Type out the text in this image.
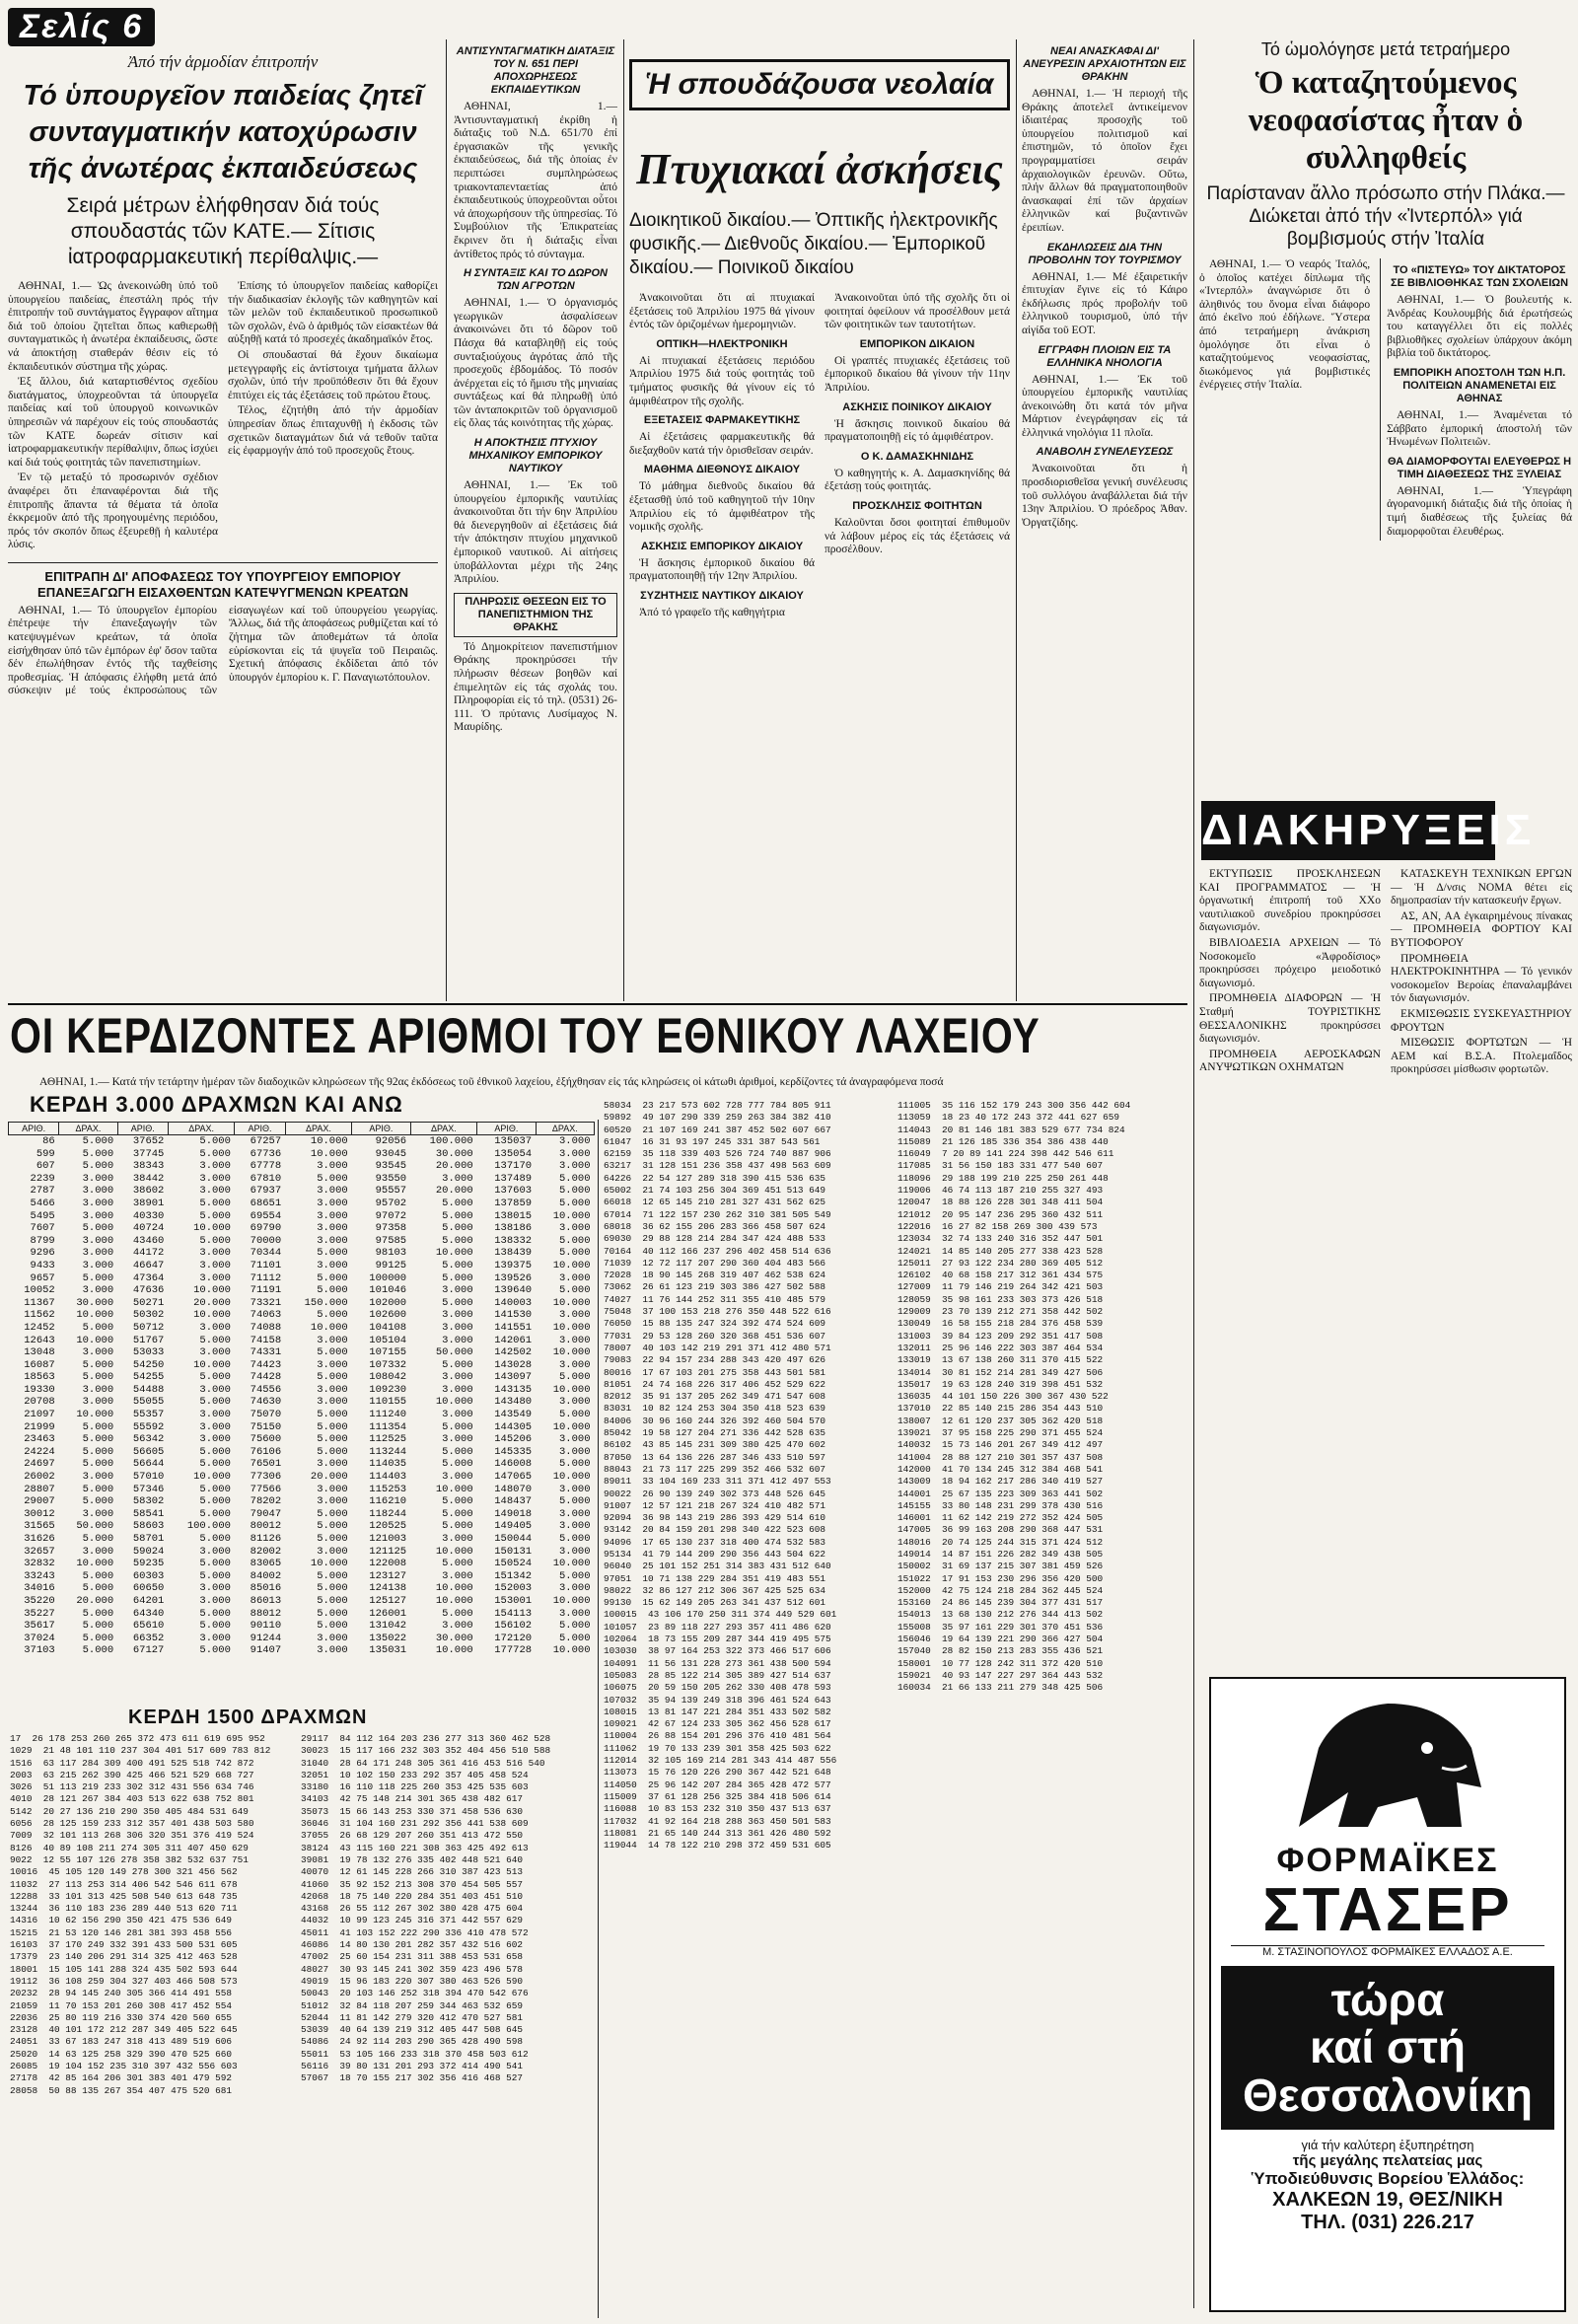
Σελίς 6
Ἀπό τήν ἁρμοδίαν ἐπιτροπήν
Τό ὑπουργεῖον παιδείας ζητεῖ συνταγματικήν κατοχύρωσιν τῆς ἀνωτέρας ἐκπαιδεύσεως
Σειρά μέτρων ἐλήφθησαν διά τούς σπουδαστάς τῶν ΚΑΤΕ.— Σίτισις ἰατροφαρμακευτική περίθαλψις.—

ΑΘΗΝΑΙ, 1.— Ὡς ἀνεκοινώθη ὑπό τοῦ ὑπουργείου παιδείας, ἐπεστάλη πρός τήν ἐπιτροπήν τοῦ συντάγματος ἔγγραφον αἴτημα διά τοῦ ὁποίου ζητεῖται ὅπως καθιερωθῇ συνταγματικῶς ἡ ἀνωτέρα ἐκπαίδευσις, ὥστε νά ἀποκτήσῃ σταθεράν θέσιν εἰς τό ἐκπαιδευτικόν σύστημα τῆς χώρας.

Ἐξ ἄλλου, διά καταρτισθέντος σχεδίου διατάγματος, ὑποχρεοῦνται τά ὑπουργεῖα παιδείας καί τοῦ ὑπουργοῦ κοινωνικῶν ὑπηρεσιῶν νά παρέχουν εἰς τούς σπουδαστάς τῶν ΚΑΤΕ δωρεάν σίτισιν καί ἰατροφαρμακευτικήν περίθαλψιν, ὅπως ἰσχύει καί διά τούς φοιτητάς τῶν πανεπιστημίων.

Ἐν τῷ μεταξύ τό προσωρινόν σχέδιον ἀναφέρει ὅτι ἐπαναφέρονται διά τῆς ἐπιτροπῆς ἄπαντα τά θέματα τά ὁποῖα ἐκκρεμοῦν ἀπό τῆς προηγουμένης περιόδου, πρός τόν σκοπόν ὅπως ἐξευρεθῇ ἡ καλυτέρα λύσις.

Ἐπίσης τό ὑπουργεῖον παιδείας καθορίζει τήν διαδικασίαν ἐκλογῆς τῶν καθηγητῶν καί τῶν μελῶν τοῦ ἐκπαιδευτικοῦ προσωπικοῦ τῶν σχολῶν, ἐνῶ ὁ ἀριθμός τῶν εἰσακτέων θά αὐξηθῇ κατά τό προσεχές ἀκαδημαϊκόν ἔτος.

Οἱ σπουδασταί θά ἔχουν δικαίωμα μετεγγραφῆς εἰς ἀντίστοιχα τμήματα ἄλλων σχολῶν, ὑπό τήν προϋπόθεσιν ὅτι θά ἔχουν ἐπιτύχει εἰς τάς ἐξετάσεις τοῦ πρώτου ἔτους.

Τέλος, ἐζητήθη ἀπό τήν ἁρμοδίαν ὑπηρεσίαν ὅπως ἐπιταχυνθῇ ἡ ἐκδοσις τῶν σχετικῶν διαταγμάτων διά νά τεθοῦν ταῦτα εἰς ἐφαρμογήν ἀπό τοῦ προσεχοῦς ἔτους.

ΕΠΙΤΡΑΠΗ ΔΙ' ΑΠΟΦΑΣΕΩΣ ΤΟΥ ΥΠΟΥΡΓΕΙΟΥ ΕΜΠΟΡΙΟΥ ΕΠΑΝΕΞΑΓΩΓΗ ΕΙΣΑΧΘΕΝΤΩΝ ΚΑΤΕΨΥΓΜΕΝΩΝ ΚΡΕΑΤΩΝ

ΑΘΗΝΑΙ, 1.— Τό ὑπουργεῖον ἐμπορίου ἐπέτρεψε τήν ἐπανεξαγωγήν τῶν κατεψυγμένων κρεάτων, τά ὁποῖα εἰσήχθησαν ὑπό τῶν ἐμπόρων ἐφ' ὅσον ταῦτα δέν ἐπωλήθησαν ἐντός τῆς ταχθείσης προθεσμίας. Ἡ ἀπόφασις ἐλήφθη μετά ἀπό σύσκεψιν μέ τούς ἐκπροσώπους τῶν εἰσαγωγέων καί τοῦ ὑπουργείου γεωργίας. Ἄλλως, διά τῆς ἀποφάσεως ρυθμίζεται καί τό ζήτημα τῶν ἀποθεμάτων τά ὁποῖα εὑρίσκονται εἰς τά ψυγεῖα τοῦ Πειραιῶς. Σχετική ἀπόφασις ἐκδίδεται ἀπό τόν ὑπουργόν ἐμπορίου κ. Γ. Παναγιωτόπουλον.

ΑΝΤΙΣΥΝΤΑΓΜΑΤΙΚΗ ΔΙΑΤΑΞΙΣ ΤΟΥ Ν. 651 ΠΕΡΙ ΑΠΟΧΩΡΗΣΕΩΣ ΕΚΠΑΙΔΕΥΤΙΚΩΝ

ΑΘΗΝΑΙ, 1.— Ἀντισυνταγματική ἐκρίθη ἡ διάταξις τοῦ Ν.Δ. 651/70 ἐπί ἐργασιακῶν τῆς γενικῆς ἐκπαιδεύσεως, διά τῆς ὁποίας ἐν περιπτώσει συμπληρώσεως τριακονταπενταετίας ἀπό ἐκπαιδευτικούς ὑποχρεοῦνται οὗτοι νά ἀποχωρήσουν τῆς ὑπηρεσίας. Τό Συμβούλιον τῆς Ἐπικρατείας ἔκρινεν ὅτι ἡ διάταξις εἶναι ἀντίθετος πρός τό σύνταγμα.

Η ΣΥΝΤΑΞΙΣ ΚΑΙ ΤΟ ΔΩΡΟΝ ΤΩΝ ΑΓΡΟΤΩΝ

ΑΘΗΝΑΙ, 1.— Ὁ ὀργανισμός γεωργικῶν ἀσφαλίσεων ἀνακοινώνει ὅτι τό δῶρον τοῦ Πάσχα θά καταβληθῇ εἰς τούς συνταξιούχους ἀγρότας ἀπό τῆς προσεχοῦς ἑβδομάδος. Τό ποσόν ἀνέρχεται εἰς τό ἥμισυ τῆς μηνιαίας συντάξεως καί θά πληρωθῇ ὑπό τῶν ἀνταποκριτῶν τοῦ ὀργανισμοῦ εἰς ὅλας τάς κοινότητας τῆς χώρας.

Η ΑΠΟΚΤΗΣΙΣ ΠΤΥΧΙΟΥ ΜΗΧΑΝΙΚΟΥ ΕΜΠΟΡΙΚΟΥ ΝΑΥΤΙΚΟΥ

ΑΘΗΝΑΙ, 1.— Ἐκ τοῦ ὑπουργείου ἐμπορικῆς ναυτιλίας ἀνακοινοῦται ὅτι τήν 6ην Ἀπριλίου θά διενεργηθοῦν αἱ ἐξετάσεις διά τήν ἀπόκτησιν πτυχίου μηχανικοῦ ἐμπορικοῦ ναυτικοῦ. Αἱ αἰτήσεις ὑποβάλλονται μέχρι τῆς 24ης Ἀπριλίου.

ΠΛΗΡΩΣΙΣ ΘΕΣΕΩΝ ΕΙΣ ΤΟ ΠΑΝΕΠΙΣΤΗΜΙΟΝ ΤΗΣ ΘΡΑΚΗΣ

Τό Δημοκρίτειον πανεπιστήμιον Θράκης προκηρύσσει τήν πλήρωσιν θέσεων βοηθῶν καί ἐπιμελητῶν εἰς τάς σχολάς του. Πληροφορίαι εἰς τό τηλ. (0531) 26-111. Ὁ πρύτανις Λυσίμαχος Ν. Μαυρίδης.

Ἡ σπουδάζουσα νεολαία
Πτυχιακαί ἀσκήσεις
Διοικητικοῦ δικαίου.— Ὀπτικῆς ἠλεκτρονικῆς φυσικῆς.— Διεθνοῦς δικαίου.— Ἐμπορικοῦ δικαίου.— Ποινικοῦ δικαίου

Ἀνακοινοῦται ὅτι αἱ πτυχιακαί ἐξετάσεις τοῦ Ἀπριλίου 1975 θά γίνουν ἐντός τῶν ὁριζομένων ἡμερομηνιῶν.

ΟΠΤΙΚΗ—ΗΛΕΚΤΡΟΝΙΚΗ

Αἱ πτυχιακαί ἐξετάσεις περιόδου Ἀπριλίου 1975 διά τούς φοιτητάς τοῦ τμήματος φυσικῆς θά γίνουν εἰς τό ἀμφιθέατρον τῆς σχολῆς.

ΕΞΕΤΑΣΕΙΣ ΦΑΡΜΑΚΕΥΤΙΚΗΣ

Αἱ ἐξετάσεις φαρμακευτικῆς θά διεξαχθοῦν κατά τήν ὁρισθεῖσαν σειράν.

ΜΑΘΗΜΑ ΔΙΕΘΝΟΥΣ ΔΙΚΑΙΟΥ

Τό μάθημα διεθνοῦς δικαίου θά ἐξετασθῇ ὑπό τοῦ καθηγητοῦ τήν 10ην Ἀπριλίου εἰς τό ἀμφιθέατρον τῆς νομικῆς σχολῆς.

ΑΣΚΗΣΙΣ ΕΜΠΟΡΙΚΟΥ ΔΙΚΑΙΟΥ

Ἡ ἄσκησις ἐμπορικοῦ δικαίου θά πραγματοποιηθῇ τήν 12ην Ἀπριλίου.

ΣΥΖΗΤΗΣΙΣ ΝΑΥΤΙΚΟΥ ΔΙΚΑΙΟΥ

Ἀπό τό γραφεῖο τῆς καθηγήτρια

Ἀνακοινοῦται ὑπό τῆς σχολῆς ὅτι οἱ φοιτηταί ὀφείλουν νά προσέλθουν μετά τῶν φοιτητικῶν των ταυτοτήτων.

ΕΜΠΟΡΙΚΟΝ ΔΙΚΑΙΟΝ

Οἱ γραπτές πτυχιακές ἐξετάσεις τοῦ ἐμπορικοῦ δικαίου θά γίνουν τήν 11ην Ἀπριλίου.

ΑΣΚΗΣΙΣ ΠΟΙΝΙΚΟΥ ΔΙΚΑΙΟΥ

Ἡ ἄσκησις ποινικοῦ δικαίου θά πραγματοποιηθῇ εἰς τό ἀμφιθέατρον.

Ο Κ. ΔΑΜΑΣΚΗΝΙΔΗΣ

Ὁ καθηγητής κ. Α. Δαμασκηνίδης θά ἐξετάσῃ τούς φοιτητάς.

ΠΡΟΣΚΛΗΣΙΣ ΦΟΙΤΗΤΩΝ

Καλοῦνται ὅσοι φοιτηταί ἐπιθυμοῦν νά λάβουν μέρος εἰς τάς ἐξετάσεις νά προσέλθουν.

ΝΕΑΙ ΑΝΑΣΚΑΦΑΙ ΔΙ' ΑΝΕΥΡΕΣΙΝ ΑΡΧΑΙΟΤΗΤΩΝ ΕΙΣ ΘΡΑΚΗΝ

ΑΘΗΝΑΙ, 1.— Ἡ περιοχή τῆς Θράκης ἀποτελεῖ ἀντικείμενον ἰδιαιτέρας προσοχῆς τοῦ ὑπουργείου πολιτισμοῦ καί ἐπιστημῶν, τό ὁποῖον ἔχει προγραμματίσει σειράν ἀρχαιολογικῶν ἐρευνῶν. Οὕτω, πλήν ἄλλων θά πραγματοποιηθοῦν ἀνασκαφαί ἐπί τῶν ἀρχαίων ἑλληνικῶν καί βυζαντινῶν ἐρειπίων.

ΕΚΔΗΛΩΣΕΙΣ ΔΙΑ ΤΗΝ ΠΡΟΒΟΛΗΝ ΤΟΥ ΤΟΥΡΙΣΜΟΥ

ΑΘΗΝΑΙ, 1.— Μέ ἐξαιρετικήν ἐπιτυχίαν ἔγινε εἰς τό Κάιρο ἐκδήλωσις πρός προβολήν τοῦ ἑλληνικοῦ τουρισμοῦ, ὑπό τήν αἰγίδα τοῦ ΕΟΤ.

ΕΓΓΡΑΦΗ ΠΛΟΙΩΝ ΕΙΣ ΤΑ ΕΛΛΗΝΙΚΑ ΝΗΟΛΟΓΙΑ

ΑΘΗΝΑΙ, 1.— Ἐκ τοῦ ὑπουργείου ἐμπορικῆς ναυτιλίας ἀνεκοινώθη ὅτι κατά τόν μῆνα Μάρτιον ἐνεγράφησαν εἰς τά ἑλληνικά νηολόγια 11 πλοῖα.

ΑΝΑΒΟΛΗ ΣΥΝΕΛΕΥΣΕΩΣ

Ἀνακοινοῦται ὅτι ἡ προσδιορισθεῖσα γενική συνέλευσις τοῦ συλλόγου ἀναβάλλεται διά τήν 13ην Ἀπριλίου. Ὁ πρόεδρος Ἀθαν. Ὀργατζίδης.

Τό ὡμολόγησε μετά τετραήμερο
Ὁ καταζητούμενος νεοφασίστας ἦταν ὁ συλληφθείς
Παρίσταναν ἄλλο πρόσωπο στήν Πλάκα.— Διώκεται ἀπό τήν «Ἰντερπόλ» γιά βομβισμούς στήν Ἰταλία

ΑΘΗΝΑΙ, 1.— Ὁ νεαρός Ἰταλός, ὁ ὁποῖος κατέχει δίπλωμα τῆς «Ἰντερπόλ» ἀναγνώρισε ὅτι ὁ ἀληθινός του ὄνομα εἶναι διάφορο ἀπό ἐκεῖνο πού ἐδήλωνε. Ὕστερα ἀπό τετραήμερη ἀνάκριση ὁμολόγησε ὅτι εἶναι ὁ καταζητούμενος νεοφασίστας, διωκόμενος γιά βομβιστικές ἐνέργειες στήν Ἰταλία.

ΤΟ «ΠΙΣΤΕΥΩ» ΤΟΥ ΔΙΚΤΑΤΟΡΟΣ ΣΕ ΒΙΒΛΙΟΘΗΚΑΣ ΤΩΝ ΣΧΟΛΕΙΩΝ

ΑΘΗΝΑΙ, 1.— Ὁ βουλευτής κ. Ἀνδρέας Κουλουμβής διά ἐρωτήσεώς του καταγγέλλει ὅτι εἰς πολλές βιβλιοθῆκες σχολείων ὑπάρχουν ἀκόμη βιβλία τοῦ δικτάτορος.

ΕΜΠΟΡΙΚΗ ΑΠΟΣΤΟΛΗ ΤΩΝ Η.Π. ΠΟΛΙΤΕΙΩΝ ΑΝΑΜΕΝΕΤΑΙ ΕΙΣ ΑΘΗΝΑΣ

ΑΘΗΝΑΙ, 1.— Ἀναμένεται τό Σάββατο ἐμπορική ἀποστολή τῶν Ἡνωμένων Πολιτειῶν.

ΘΑ ΔΙΑΜΟΡΦΟΥΤΑΙ ΕΛΕΥΘΕΡΩΣ Η ΤΙΜΗ ΔΙΑΘΕΣΕΩΣ ΤΗΣ ΞΥΛΕΙΑΣ

ΑΘΗΝΑΙ, 1.— Ὑπεγράφη ἀγορανομική διάταξις διά τῆς ὁποίας ἡ τιμή διαθέσεως τῆς ξυλείας θά διαμορφοῦται ἐλευθέρως.

ΔΙΑΚΗΡΥΞΕΙΣ

ΕΚΤΥΠΩΣΙΣ ΠΡΟΣΚΛΗΣΕΩΝ ΚΑΙ ΠΡΟΓΡΑΜΜΑΤΟΣ — Ἡ ὀργανωτική ἐπιτροπή τοῦ ΧΧο ναυτιλιακοῦ συνεδρίου προκηρύσσει διαγωνισμόν.

ΒΙΒΛΙΟΔΕΣΙΑ ΑΡΧΕΙΩΝ — Τό Νοσοκομεῖο «Ἀφροδίσιος» προκηρύσσει πρόχειρο μειοδοτικό διαγωνισμό.

ΠΡΟΜΗΘΕΙΑ ΔΙΑΦΟΡΩΝ — Ἡ Σταθμή ΤΟΥΡΙΣΤΙΚΗΣ ΘΕΣΣΑΛΟΝΙΚΗΣ προκηρύσσει διαγωνισμόν.

ΠΡΟΜΗΘΕΙΑ ΑΕΡΟΣΚΑΦΩΝ ΑΝΥΨΩΤΙΚΩΝ ΟΧΗΜΑΤΩΝ

ΚΑΤΑΣΚΕΥΗ ΤΕΧΝΙΚΩΝ ΕΡΓΩΝ — Ἡ Δ/νσις ΝΟΜΑ θέτει εἰς δημοπρασίαν τήν κατασκευήν ἔργων.

ΑΣ, ΑΝ, ΑΑ ἐγκαιρημένους πίνακας — ΠΡΟΜΗΘΕΙΑ ΦΟΡΤΙΟΥ ΚΑΙ ΒΥΤΙΟΦΟΡΟΥ

ΠΡΟΜΗΘΕΙΑ ΗΛΕΚΤΡΟΚΙΝΗΤΗΡΑ — Τό γενικόν νοσοκομεῖον Βεροίας ἐπαναλαμβάνει τόν διαγωνισμόν.

ΕΚΜΙΣΘΩΣΙΣ ΣΥΣΚΕΥΑΣΤΗΡΙΟΥ ΦΡΟΥΤΩΝ

ΜΙΣΘΩΣΙΣ ΦΟΡΤΩΤΩΝ — Ἡ ΑΕΜ καί Β.Σ.Α. Πτολεμαΐδος προκηρύσσει μίσθωσιν φορτωτῶν.

ΦΟΡΜΑΪΚΕΣ
ΣΤΑΣΕΡ
Μ. ΣΤΑΣΙΝΟΠΟΥΛΟΣ ΦΟΡΜΑΪΚΕΣ ΕΛΛΑΔΟΣ Α.Ε.
τώρα
καί στή
Θεσσαλονίκη
γιά τήν καλύτερη ἐξυπηρέτηση
τῆς μεγάλης πελατείας μας
Ὑποδιεύθυνσις Βορείου Ἑλλάδος:
ΧΑΛΚΕΩΝ 19, ΘΕΣ/ΝΙΚΗ
ΤΗΛ. (031) 226.217
ΟΙ ΚΕΡΔΙΖΟΝΤΕΣ ΑΡΙΘΜΟΙ ΤΟΥ ΕΘΝΙΚΟΥ ΛΑΧΕΙΟΥ
ΑΘΗΝΑΙ, 1.— Κατά τήν τετάρτην ἡμέραν τῶν διαδοχικῶν κληρώσεων τῆς 92ας ἐκδόσεως τοῦ ἐθνικοῦ λαχείου, ἐξήχθησαν εἰς τάς κληρώσεις οἱ κάτωθι ἀριθμοί, κερδίζοντες τά ἀναγραφόμενα ποσά
ΚΕΡΔΗ 3.000 ΔΡΑΧΜΩΝ ΚΑΙ ΑΝΩ
ΑΡΙΘ.	ΔΡΑΧ.	ΑΡΙΘ.	ΔΡΑΧ.	ΑΡΙΘ.	ΔΡΑΧ.	ΑΡΙΘ.	ΔΡΑΧ.	ΑΡΙΘ.	ΔΡΑΧ.
86	5.000	37652	5.000	67257	10.000	92056	100.000	135037	3.000
599	5.000	37745	5.000	67736	10.000	93045	30.000	135054	3.000
607	5.000	38343	3.000	67778	3.000	93545	20.000	137170	3.000
2239	3.000	38442	3.000	67810	5.000	93550	3.000	137489	5.000
2787	3.000	38602	3.000	67937	3.000	95557	20.000	137603	5.000
5466	3.000	38901	5.000	68651	3.000	95702	5.000	137859	5.000
5495	3.000	40330	5.000	69554	3.000	97072	5.000	138015	10.000
7607	5.000	40724	10.000	69790	3.000	97358	5.000	138186	3.000
8799	3.000	43460	5.000	70000	3.000	97585	5.000	138332	5.000
9296	3.000	44172	3.000	70344	5.000	98103	10.000	138439	5.000
9433	3.000	46647	3.000	71101	3.000	99125	5.000	139375	10.000
9657	5.000	47364	3.000	71112	5.000	100000	5.000	139526	3.000
10052	3.000	47636	10.000	71191	5.000	101046	3.000	139640	5.000
11367	30.000	50271	20.000	73321	150.000	102000	5.000	140003	10.000
11562	10.000	50302	10.000	74063	5.000	102600	3.000	141530	3.000
12452	5.000	50712	3.000	74088	10.000	104108	3.000	141551	10.000
12643	10.000	51767	5.000	74158	3.000	105104	3.000	142061	3.000
13048	3.000	53033	3.000	74331	5.000	107155	50.000	142502	10.000
16087	5.000	54250	10.000	74423	3.000	107332	5.000	143028	3.000
18563	5.000	54255	5.000	74428	5.000	108042	3.000	143097	5.000
19330	3.000	54488	3.000	74556	3.000	109230	3.000	143135	10.000
20708	3.000	55055	5.000	74630	3.000	110155	10.000	143480	3.000
21097	10.000	55357	3.000	75070	5.000	111240	3.000	143549	5.000
21999	5.000	55592	3.000	75150	5.000	111354	5.000	144305	10.000
23463	5.000	56342	3.000	75600	5.000	112525	3.000	145206	3.000
24224	5.000	56605	5.000	76106	5.000	113244	5.000	145335	3.000
24697	5.000	56644	5.000	76501	3.000	114035	5.000	146008	5.000
26002	3.000	57010	10.000	77306	20.000	114403	3.000	147065	10.000
28807	5.000	57346	5.000	77566	3.000	115253	10.000	148070	3.000
29007	5.000	58302	5.000	78202	3.000	116210	5.000	148437	5.000
30012	3.000	58541	5.000	79047	5.000	118244	5.000	149018	3.000
31565	50.000	58603	100.000	80012	5.000	120525	5.000	149405	3.000
31626	5.000	58701	5.000	81126	5.000	121003	3.000	150044	5.000
32657	3.000	59024	3.000	82002	3.000	121125	10.000	150131	3.000
32832	10.000	59235	5.000	83065	10.000	122008	5.000	150524	10.000
33243	5.000	60303	5.000	84002	5.000	123127	3.000	151342	5.000
34016	5.000	60650	3.000	85016	5.000	124138	10.000	152003	3.000
35220	20.000	64201	3.000	86013	5.000	125127	10.000	153001	10.000
35227	5.000	64340	5.000	88012	5.000	126001	5.000	154113	3.000
35617	5.000	65610	5.000	90110	5.000	131042	3.000	156102	5.000
37024	5.000	66352	3.000	91244	3.000	135022	30.000	172120	5.000
37103	5.000	67127	5.000	91407	3.000	135031	10.000	177728	10.000
ΚΕΡΔΗ 1500 ΔΡΑΧΜΩΝ
17  26 178 253 260 265 372 473 611 619 695 952
1029  21 48 101 110 237 304 401 517 609 783 812
1516  63 117 284 309 400 491 525 518 742 872
2003  63 215 262 390 425 466 521 529 668 727
3026  51 113 219 233 302 312 431 556 634 746
4010  28 121 267 384 403 513 622 638 752 801
5142  20 27 136 210 290 350 405 484 531 649
6056  28 125 159 233 312 357 401 438 503 580
7009  32 101 113 268 306 320 351 376 419 524
8126  40 89 108 211 274 305 311 407 450 629
9022  12 55 107 126 278 358 382 532 637 751
10016  45 105 120 149 278 300 321 456 562
11032  27 113 253 314 406 542 546 611 678
12288  33 101 313 425 508 540 613 648 735
13244  36 110 183 236 289 440 513 620 711
14316  10 62 156 290 350 421 475 536 649
15215  21 53 120 146 281 381 393 458 556
16103  37 170 249 332 391 433 500 531 605
17379  23 140 206 291 314 325 412 463 528
18001  15 105 141 288 324 435 502 593 644
19112  36 108 259 304 327 403 466 508 573
20232  28 94 145 240 305 366 414 491 558
21059  11 70 153 201 260 308 417 452 554
22036  25 80 119 216 330 374 420 560 655
23128  40 101 172 212 287 349 405 522 645
24051  33 67 183 247 318 413 489 519 606
25020  14 63 125 258 329 390 470 525 660
26085  19 104 152 235 310 397 432 556 603
27178  42 85 164 206 301 383 401 479 592
28058  50 88 135 267 354 407 475 520 681
29117  84 112 164 203 236 277 313 360 462 528
30023  15 117 166 232 303 352 404 456 510 588
31040  28 64 171 248 305 361 416 453 516 540
32051  10 102 150 233 292 357 405 458 524
33180  16 110 118 225 260 353 425 535 603
34103  42 75 148 214 301 365 438 482 617
35073  15 66 143 253 330 371 458 536 630
36046  31 104 160 231 292 356 441 538 609
37055  26 68 129 207 260 351 413 472 550
38124  43 115 160 221 308 363 425 492 613
39081  19 78 132 276 335 402 448 521 640
40070  12 61 145 228 266 310 387 423 513
41060  35 92 152 213 308 370 454 505 557
42068  18 75 140 220 284 351 403 451 510
43168  26 55 112 267 302 380 428 475 604
44032  10 99 123 245 316 371 442 557 629
45011  41 103 152 222 290 336 410 478 572
46086  14 80 130 201 282 357 432 516 602
47002  25 60 154 231 311 388 453 531 658
48027  30 93 145 241 302 359 423 496 578
49019  15 96 183 220 307 380 463 526 590
50043  20 103 146 252 318 394 470 542 676
51012  32 84 118 207 259 344 463 532 659
52044  11 81 142 279 320 412 470 527 581
53039  40 64 139 219 312 405 447 508 645
54086  24 92 114 203 290 365 428 490 598
55011  53 105 166 233 318 370 458 503 612
56116  39 80 131 201 293 372 414 490 541
57067  18 70 155 217 302 356 416 468 527
58034  23 217 573 602 728 777 784 805 911
59892  49 107 290 339 259 263 384 382 410
60520  21 107 169 241 387 452 502 607 667
61047  16 31 93 197 245 331 387 543 561
62159  35 118 339 403 526 724 740 887 906
63217  31 128 151 236 358 437 498 563 609
64226  22 54 127 289 318 390 415 536 635
65002  21 74 103 256 304 369 451 513 649
66018  12 65 145 210 281 327 431 562 625
67014  71 122 157 230 262 310 381 505 549
68018  36 62 155 206 283 366 458 507 624
69030  29 88 128 214 284 347 424 488 533
70164  40 112 166 237 296 402 458 514 636
71039  12 72 117 207 290 360 404 483 566
72028  18 90 145 268 319 407 462 538 624
73062  26 61 123 219 303 386 427 502 588
74027  11 76 144 252 311 355 410 485 579
75048  37 100 153 218 276 350 448 522 616
76050  15 88 135 247 324 392 474 524 609
77031  29 53 128 260 320 368 451 536 607
78007  40 103 142 219 291 371 412 480 571
79083  22 94 157 234 288 343 420 497 626
80016  17 67 103 201 275 358 443 501 581
81051  24 74 168 226 317 406 452 529 622
82012  35 91 137 205 262 349 471 547 608
83031  10 82 124 253 304 350 418 523 639
84006  30 96 160 244 326 392 460 504 570
85042  19 58 127 204 271 336 442 528 635
86102  43 85 145 231 309 380 425 470 602
87050  13 64 136 226 287 346 433 510 597
88043  21 73 117 225 299 352 466 532 607
89011  33 104 169 233 311 371 412 497 553
90022  26 90 139 249 302 373 448 526 645
91007  12 57 121 218 267 324 410 482 571
92094  36 98 143 219 286 393 429 514 610
93142  20 84 159 201 298 340 422 523 608
94096  17 65 130 237 318 400 474 532 583
95134  41 79 144 209 290 356 443 504 622
96040  25 101 152 251 314 383 431 512 640
97051  10 71 138 229 284 351 419 483 551
98022  32 86 127 212 306 367 425 525 634
99130  15 62 149 205 263 341 437 512 601
100015  43 106 170 250 311 374 449 529 601
101057  23 89 118 227 293 357 411 486 620
102064  18 73 155 209 287 344 419 495 575
103030  38 97 164 253 322 373 466 517 606
104091  11 56 131 228 273 361 438 500 594
105083  28 85 122 214 305 389 427 514 637
106075  20 59 150 205 262 330 408 478 593
107032  35 94 139 249 318 396 461 524 643
108015  13 81 147 221 284 351 433 502 582
109021  42 67 124 233 305 362 456 528 617
110004  26 88 154 201 296 376 410 481 564
111062  19 70 133 239 301 358 425 503 622
112014  32 105 169 214 281 343 414 487 556
113073  15 76 120 226 290 367 442 521 648
114050  25 96 142 207 284 365 428 472 577
115009  37 61 128 256 325 384 418 506 614
116088  10 83 153 232 310 350 437 513 637
117032  41 92 164 218 288 363 450 501 583
118081  21 65 140 244 313 361 426 480 592
119044  14 78 122 210 298 372 459 531 605
111005  35 116 152 179 243 300 356 442 604
113059  18 23 40 172 243 372 441 627 659
114043  20 81 146 181 383 529 677 734 824
115089  21 126 185 336 354 386 438 440
116049  7 20 89 141 224 398 442 546 611
117085  31 56 150 183 331 477 540 607
118096  29 188 199 210 225 250 261 448
119006  46 74 113 187 210 255 327 493
120047  18 88 126 228 301 348 411 504
121012  20 95 147 236 295 360 432 511
122016  16 27 82 158 269 300 439 573
123034  32 74 133 240 316 352 447 501
124021  14 85 140 205 277 338 423 528
125011  27 93 122 234 280 369 405 512
126102  40 68 158 217 312 361 434 575
127009  11 79 146 219 264 342 421 503
128059  35 98 161 233 303 373 426 518
129009  23 70 139 212 271 358 442 502
130049  16 58 155 218 284 376 458 539
131003  39 84 123 209 292 351 417 508
132011  25 96 146 222 303 387 464 534
133019  13 67 138 260 311 370 415 522
134014  30 81 152 214 281 349 427 506
135017  19 63 128 240 319 398 451 532
136035  44 101 150 226 300 367 430 522
137010  22 85 140 215 286 354 443 510
138007  12 61 120 237 305 362 420 518
139021  37 95 158 225 290 371 455 524
140032  15 73 146 201 267 349 412 497
141004  28 88 127 210 301 357 437 508
142000  41 70 134 245 312 384 468 541
143009  18 94 162 217 286 340 419 527
144001  25 67 135 223 309 363 441 502
145155  33 80 148 231 299 378 430 516
146001  11 62 142 219 272 352 424 505
147005  36 99 163 208 290 368 447 531
148016  20 74 125 244 315 371 424 512
149014  14 87 151 226 282 349 438 505
150002  31 69 137 215 307 381 459 526
151022  17 91 153 230 296 356 420 500
152000  42 75 124 218 284 362 445 524
153160  24 86 145 239 304 377 431 517
154013  13 68 130 212 276 344 413 502
155008  35 97 161 229 301 370 451 536
156046  19 64 139 221 290 366 427 504
157040  28 82 150 213 283 355 436 521
158001  10 77 128 242 311 372 420 510
159021  40 93 147 227 297 364 443 532
160034  21 66 133 211 279 348 425 506
